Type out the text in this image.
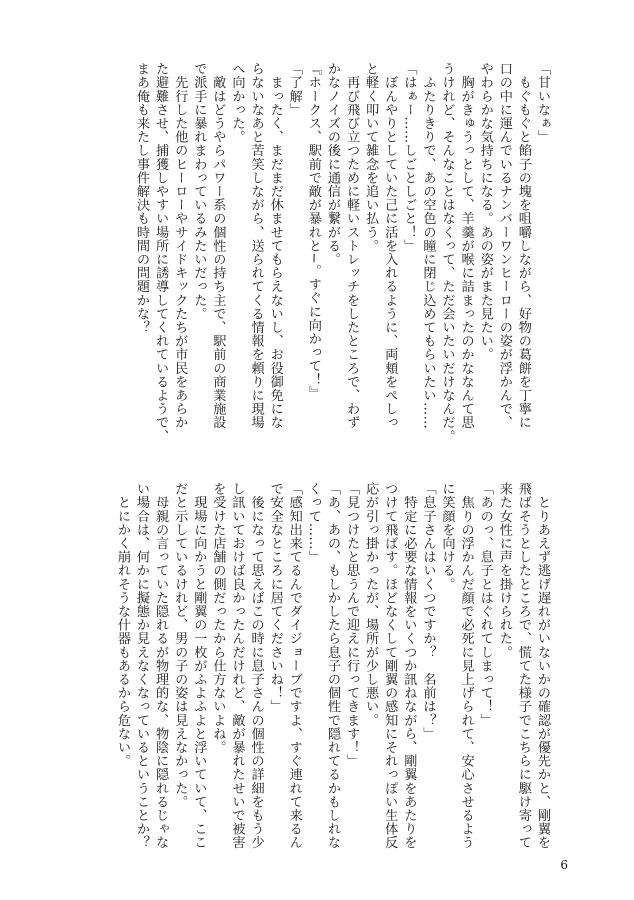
「甘いなぁ」

　もぐもぐと餡子の塊を咀嚼しながら、好物の葛餅を丁寧に

口の中に運んでいるナンバーワンヒーローの姿が浮かんで、

やわらかな気持ちになる。あの姿がまた見たい。

　胸がきゅうっとして、羊羹が喉に詰まったのかななんて思

うけれど、そんなことはなくって、ただ会いたいだけなんだ。

　ふたりきりで、あの空色の瞳に閉じ込めてもらいたい……

「はぁー……しごとしごと！」

　ぼんやりとしていた己に活を入れるように、両頬をぺしっ

と軽く叩いて雑念を追い払う。

　再び飛び立つために軽いストレッチをしたところで、わず

かなノイズの後に通信が繋がる。

『ホークス、駅前で敵が暴れと−。すぐに向かって！』

「了解」

　まったく、まだまだ休ませてもらえないし、お役御免にな

らないなあと苦笑しながら、送られてくる情報を頼りに現場

へ向かった。

　敵はどうやらパワー系の個性の持ち主で、駅前の商業施設

で派手に暴れまわっているみたいだった。

　先行した他のヒーローやサイドキックたちが市民をあらか

た避難させ、捕獲しやすい場所に誘導してくれているようで、

まあ俺も来たし事件解決も時間の問題かな？

　とりあえず逃げ遅れがいないかの確認が優先かと、剛翼を

飛ばそうとしたところで、慌てた様子でこちらに駆け寄って

来た女性に声を掛けられた。

「あのっ、息子とはぐれてしまって！」

　焦りの浮かんだ顔で必死に見上げられて、安心させるよう

に笑顔を向ける。

「息子さんはいくつですか？　名前は？」

　特定に必要な情報をいくつか訊ねながら、剛翼をあたりを

つけて飛ばす。ほどなくして剛翼の感知にそれっぽい生体反

応が引っ掛かったが、場所が少し悪い。

「見つけたと思うんで迎えに行ってきます！」

「あ、あの、もしかしたら息子の個性で隠れてるかもしれな

くって……」

「感知出来てるんでダイジョーブですよ、すぐ連れて来るん

で安全なところに居てくださいね！」

　後になって思えばこの時に息子さんの個性の詳細をもう少

し訊いておけば良かったんだけれど、敵が暴れたせいで被害

を受けた店舗の側だったから仕方ないよね。

　現場に向かうと剛翼の一枚がふよふよと浮いていて、ここ

だと示しているけれど、男の子の姿は見えなかった。

　母親の言っていた隠れるが物理的な、物陰に隠れるじゃな

い場合は、何かに擬態か見えなくなっているということか？

　とにかく崩れそうな什器もあるから危ない。

6
